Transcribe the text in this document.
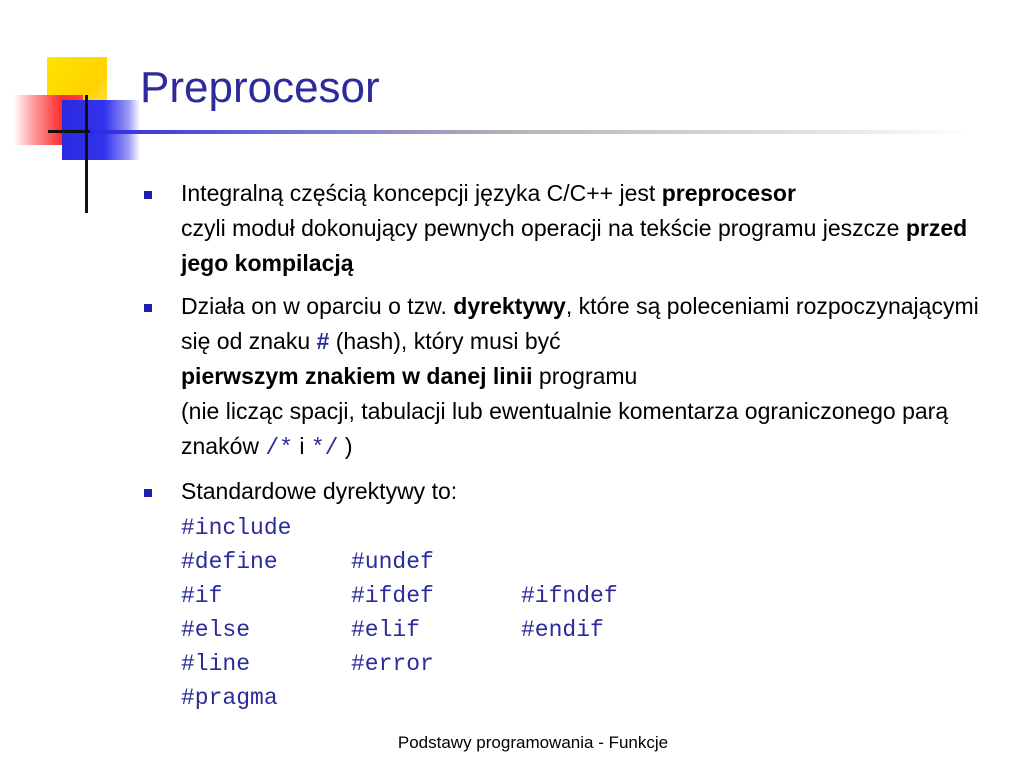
Preprocesor

Integralną częścią koncepcji języka C/C++ jest preprocesor
czyli moduł dokonujący pewnych operacji na tekście programu jeszcze przed jego kompilacją

Działa on w oparciu o tzw. dyrektywy, które są poleceniami rozpoczynającymi się od znaku # (hash), który musi być
pierwszym znakiem w danej linii programu
(nie licząc spacji, tabulacji lub ewentualnie komentarza ograniczonego parą znaków /* i */ )

Standardowe dyrektywy to:

#include
#define	#undef
#if	#ifdef	#ifndef
#else	#elif	#endif
#line	#error
#pragma
Podstawy programowania - Funkcje
